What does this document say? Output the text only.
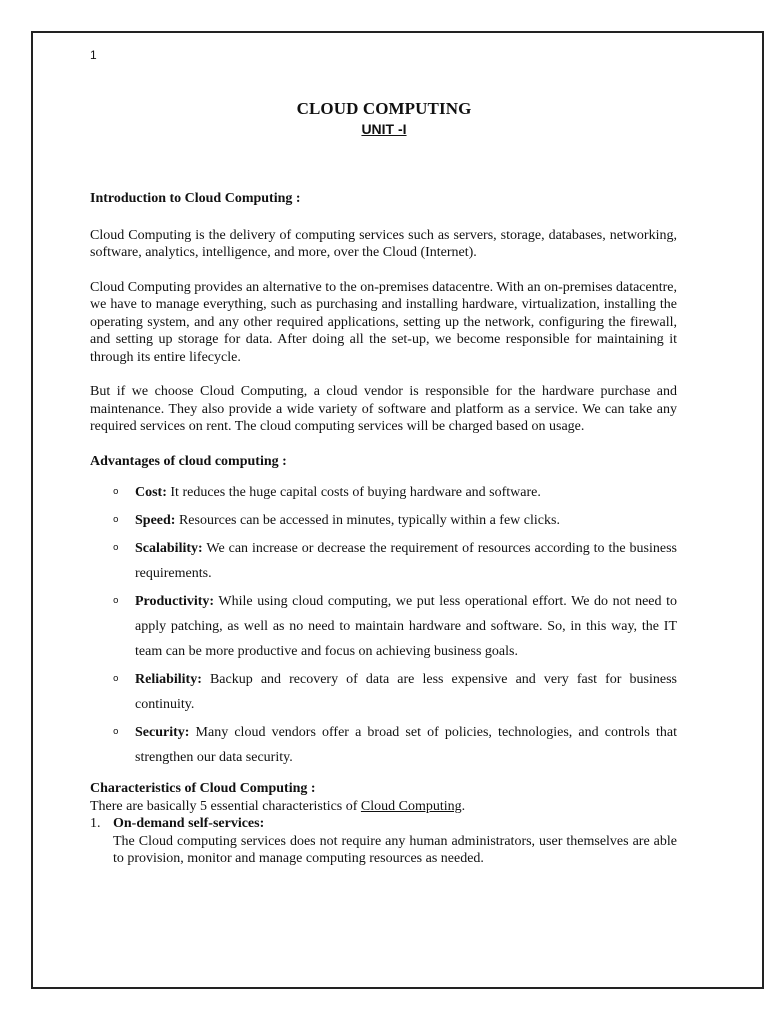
1
CLOUD COMPUTING
UNIT -I

Introduction to Cloud Computing :

Cloud Computing is the delivery of computing services such as servers, storage, databases, networking, software, analytics, intelligence, and more, over the Cloud (Internet).

Cloud Computing provides an alternative to the on-premises datacentre. With an on-premises datacentre, we have to manage everything, such as purchasing and installing hardware, virtualization, installing the operating system, and any other required applications, setting up the network, configuring the firewall, and setting up storage for data. After doing all the set-up, we become responsible for maintaining it through its entire lifecycle.

But if we choose Cloud Computing, a cloud vendor is responsible for the hardware purchase and maintenance. They also provide a wide variety of software and platform as a service. We can take any required services on rent. The cloud computing services will be charged based on usage.

Advantages of cloud computing :

o Cost: It reduces the huge capital costs of buying hardware and software.
o Speed: Resources can be accessed in minutes, typically within a few clicks.
o Scalability: We can increase or decrease the requirement of resources according to the business requirements.
o Productivity: While using cloud computing, we put less operational effort. We do not need to apply patching, as well as no need to maintain hardware and software. So, in this way, the IT team can be more productive and focus on achieving business goals.
o Reliability: Backup and recovery of data are less expensive and very fast for business continuity.
o Security: Many cloud vendors offer a broad set of policies, technologies, and controls that strengthen our data security.

Characteristics of Cloud Computing :

There are basically 5 essential characteristics of Cloud Computing.

1. On-demand self-services:

The Cloud computing services does not require any human administrators, user themselves are able to provision, monitor and manage computing resources as needed.
